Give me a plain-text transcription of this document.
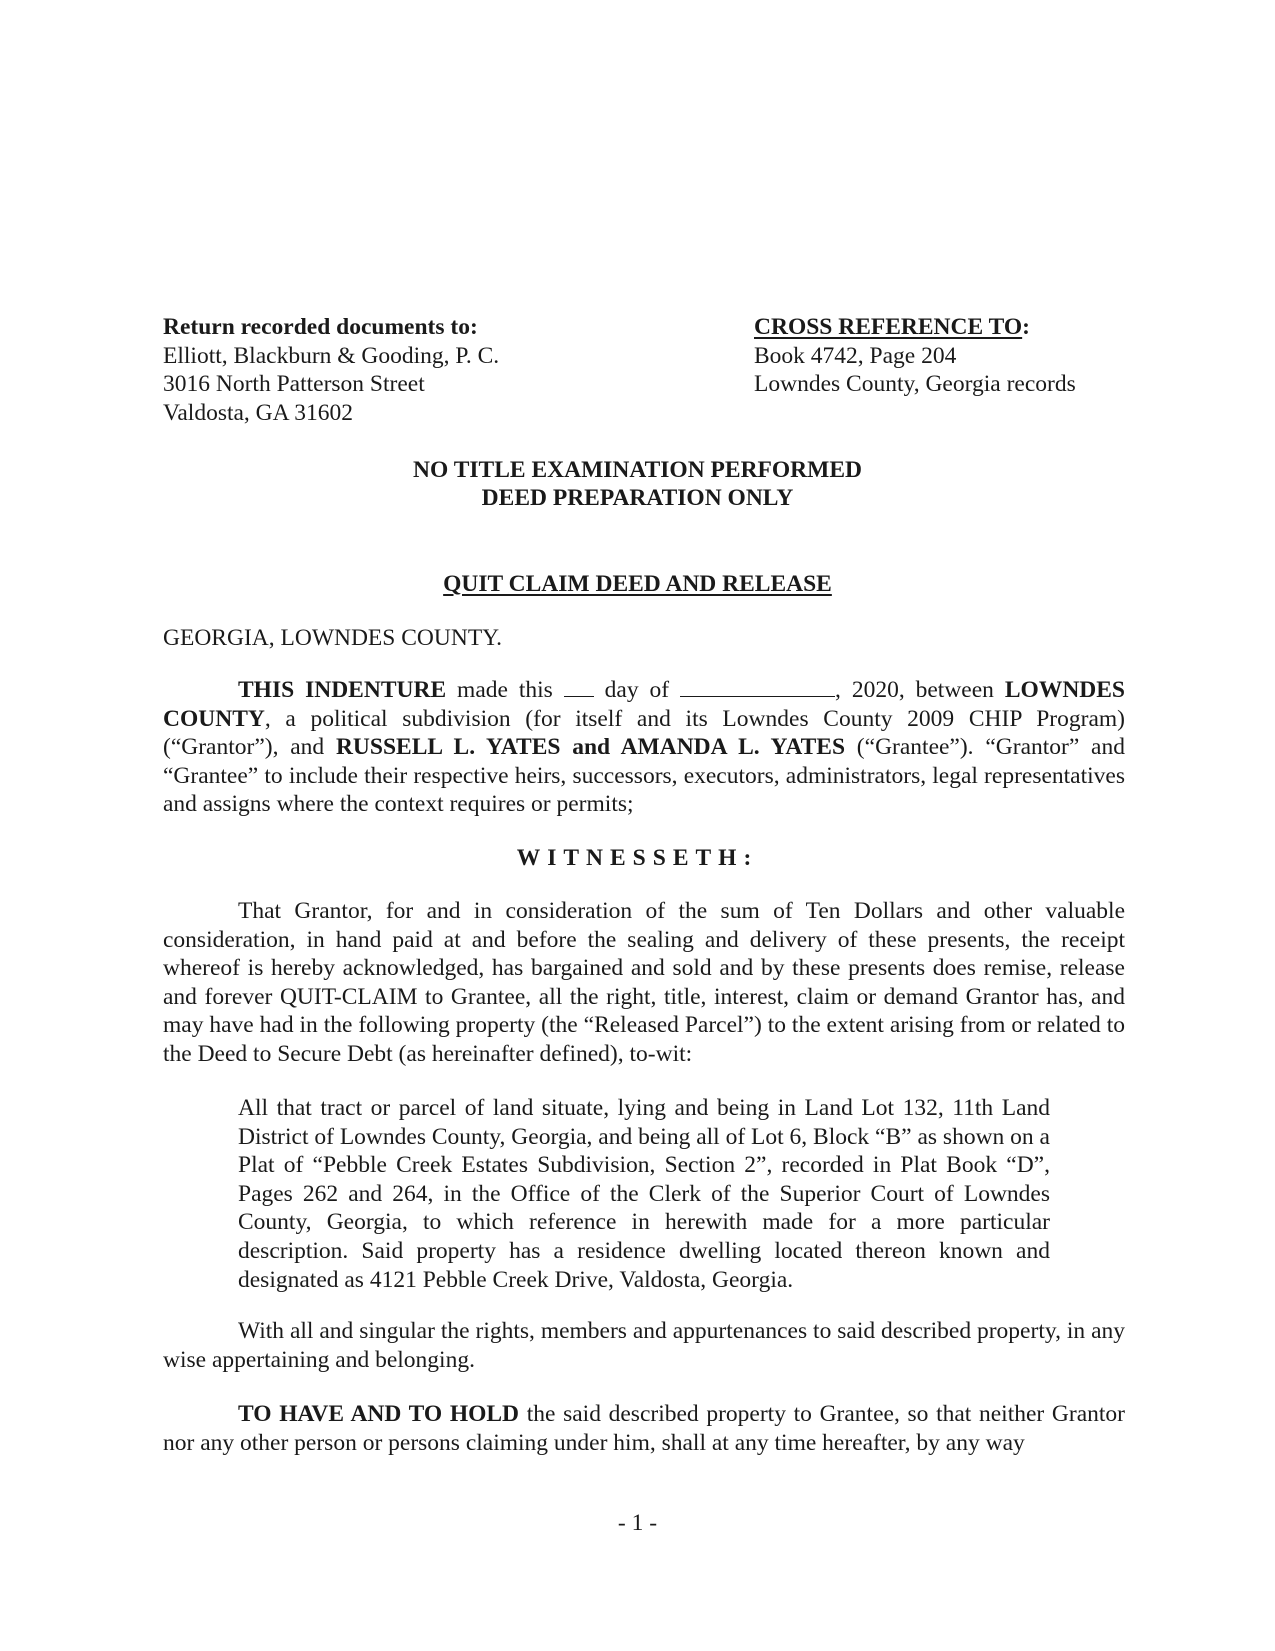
Return recorded documents to:
Elliott, Blackburn & Gooding, P. C.
3016 North Patterson Street
Valdosta, GA 31602
CROSS REFERENCE TO:
Book 4742, Page 204
Lowndes County, Georgia records
NO TITLE EXAMINATION PERFORMED
DEED PREPARATION ONLY
QUIT CLAIM DEED AND RELEASE
GEORGIA, LOWNDES COUNTY.
THIS INDENTURE made this  day of	, 2020, between LOWNDES COUNTY, a political subdivision (for itself and its Lowndes County 2009 CHIP Program) (“Grantor”), and RUSSELL L. YATES and AMANDA L. YATES (“Grantee”). “Grantor” and “Grantee” to include their respective heirs, successors, executors, administrators, legal representatives and assigns where the context requires or permits;
WITNESSETH:
That Grantor, for and in consideration of the sum of Ten Dollars and other valuable consideration, in hand paid at and before the sealing and delivery of these presents, the receipt whereof is hereby acknowledged, has bargained and sold and by these presents does remise, release and forever QUIT-CLAIM to Grantee, all the right, title, interest, claim or demand Grantor has, and may have had in the following property (the “Released Parcel”) to the extent arising from or related to the Deed to Secure Debt (as hereinafter defined), to-wit:
All that tract or parcel of land situate, lying and being in Land Lot 132, 11th Land District of Lowndes County, Georgia, and being all of Lot 6, Block “B” as shown on a Plat of “Pebble Creek Estates Subdivision, Section 2”, recorded in Plat Book “D”, Pages 262 and 264, in the Office of the Clerk of the Superior Court of Lowndes County, Georgia, to which reference in herewith made for a more particular description. Said property has a residence dwelling located thereon known and designated as 4121 Pebble Creek Drive, Valdosta, Georgia.
With all and singular the rights, members and appurtenances to said described property, in any wise appertaining and belonging.
TO HAVE AND TO HOLD the said described property to Grantee, so that neither Grantor nor any other person or persons claiming under him, shall at any time hereafter, by any way
- 1 -
